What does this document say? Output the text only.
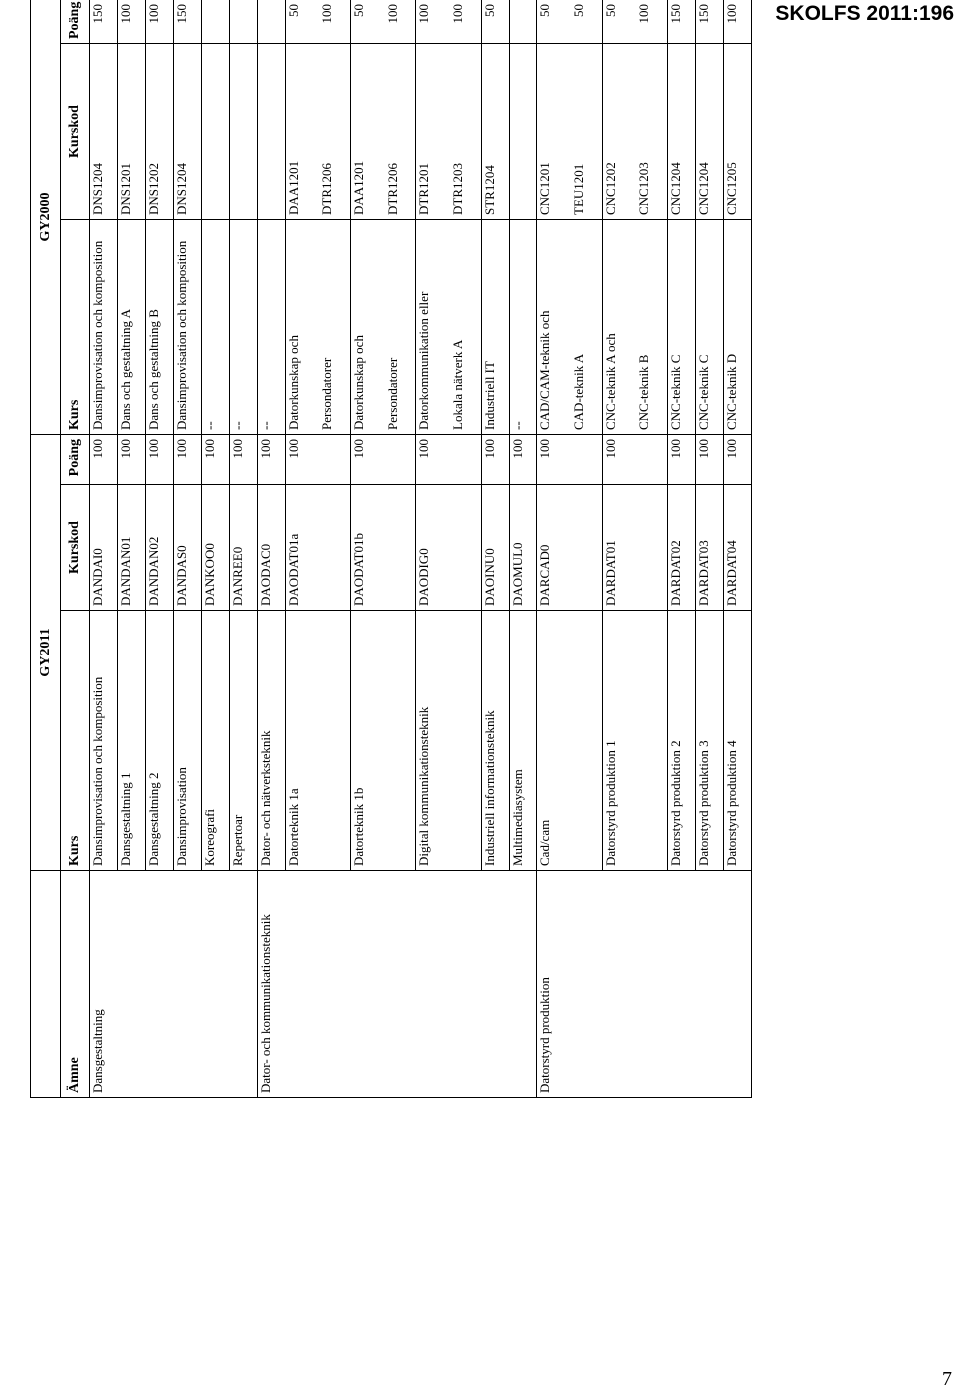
SKOLFS 2011:196
7
	GY2011			GY2000		
Ämne	Kurs	Kurskod	Poäng	Kurs	Kurskod	Poäng
Dansgestaltning	Dansimprovisation och komposition	DANDAI0	100	Dansimprovisation och komposition	DNS1204	150
	Dansgestaltning 1	DANDAN01	100	Dans och gestaltning A	DNS1201	100
	Dansgestaltning 2	DANDAN02	100	Dans och gestaltning B	DNS1202	100
	Dansimprovisation	DANDAS0	100	Dansimprovisation och komposition	DNS1204	150
	Koreografi	DANKOO0	100	--		
	Repertoar	DANREE0	100	--		
Dator- och kommunikationsteknik	Dator- och nätverksteknik	DAODAC0	100	--		
	Datorteknik 1a	DAODAT01a	100	Datorkunskap och	DAA1201	50
				Persondatorer	DTR1206	100
	Datorteknik 1b	DAODAT01b	100	Datorkunskap och	DAA1201	50
				Persondatorer	DTR1206	100
	Digital kommunikationsteknik	DAODIG0	100	Datorkommunikation eller	DTR1201	100
				Lokala nätverk A	DTR1203	100
	Industriell informationsteknik	DAOINU0	100	Industriell IT	STR1204	50
	Multimediasystem	DAOMUL0	100	--		
Datorstyrd produktion	Cad/cam	DARCAD0	100	CAD/CAM-teknik och	CNC1201	50
				CAD-teknik A	TEU1201	50
	Datorstyrd produktion 1	DARDAT01	100	CNC-teknik A och	CNC1202	50
				CNC-teknik B	CNC1203	100
	Datorstyrd produktion 2	DARDAT02	100	CNC-teknik C	CNC1204	150
	Datorstyrd produktion 3	DARDAT03	100	CNC-teknik C	CNC1204	150
	Datorstyrd produktion 4	DARDAT04	100	CNC-teknik D	CNC1205	100
